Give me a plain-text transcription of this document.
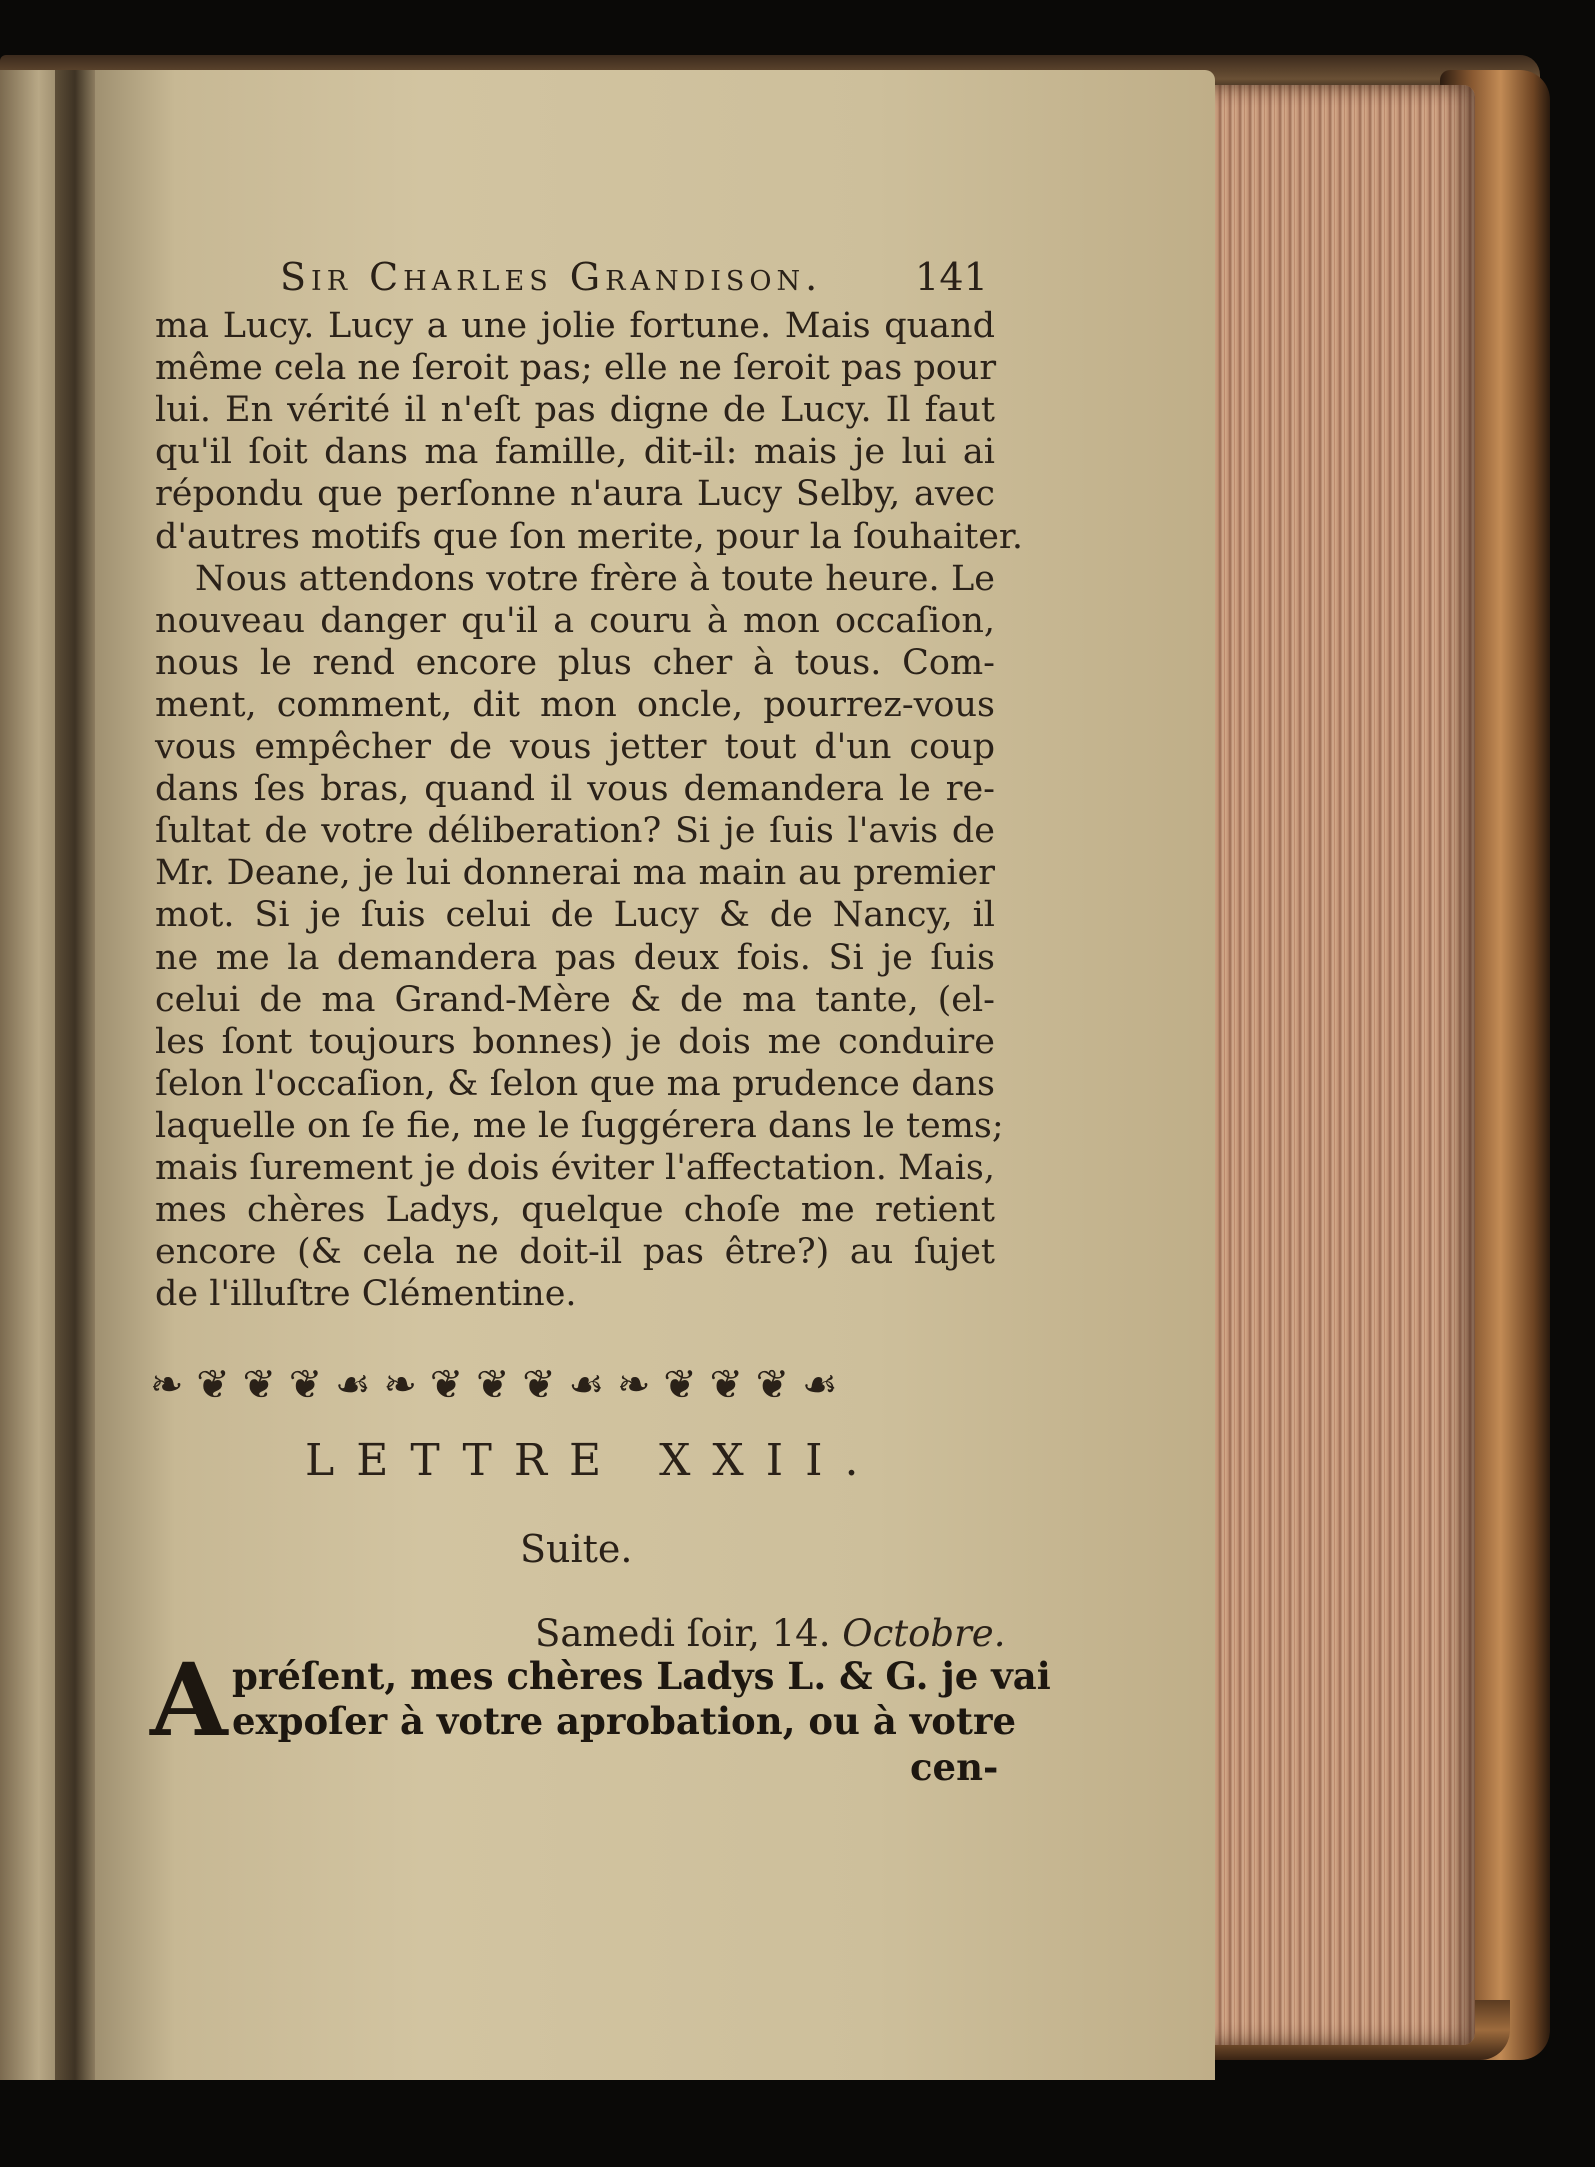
Sir Charles Grandison. 141
ma Lucy. Lucy a une jolie fortune. Mais quand
même cela ne ſeroit pas; elle ne ſeroit pas pour
lui. En vérité il n'eſt pas digne de Lucy. Il faut
qu'il ſoit dans ma famille, dit-il: mais je lui ai
répondu que perſonne n'aura Lucy Selby, avec
d'autres motifs que ſon merite, pour la ſouhaiter.
Nous attendons votre frère à toute heure. Le
nouveau danger qu'il a couru à mon occaſion,
nous le rend encore plus cher à tous. Com-
ment, comment, dit mon oncle, pourrez-vous
vous empêcher de vous jetter tout d'un coup
dans ſes bras, quand il vous demandera le re-
ſultat de votre déliberation? Si je ſuis l'avis de
Mr. Deane, je lui donnerai ma main au premier
mot. Si je ſuis celui de Lucy & de Nancy, il
ne me la demandera pas deux fois. Si je ſuis
celui de ma Grand-Mère & de ma tante, (el-
les ſont toujours bonnes) je dois me conduire
ſelon l'occaſion, & ſelon que ma prudence dans
laquelle on ſe fie, me le ſuggérera dans le tems;
mais ſurement je dois éviter l'affectation. Mais,
mes chères Ladys, quelque choſe me retient
encore (& cela ne doit-il pas être?) au ſujet
de l'illuſtre Clémentine.
❧ ❦ ❦ ❦ ☙ ❧ ❦ ❦ ❦ ☙ ❧ ❦ ❦ ❦ ☙
LETTRE XXII.
Suite.
Samedi ſoir, 14. Octobre.
A préſent, mes chères Ladys L. & G. je vai
expoſer à votre aprobation, ou à votre
cen-
